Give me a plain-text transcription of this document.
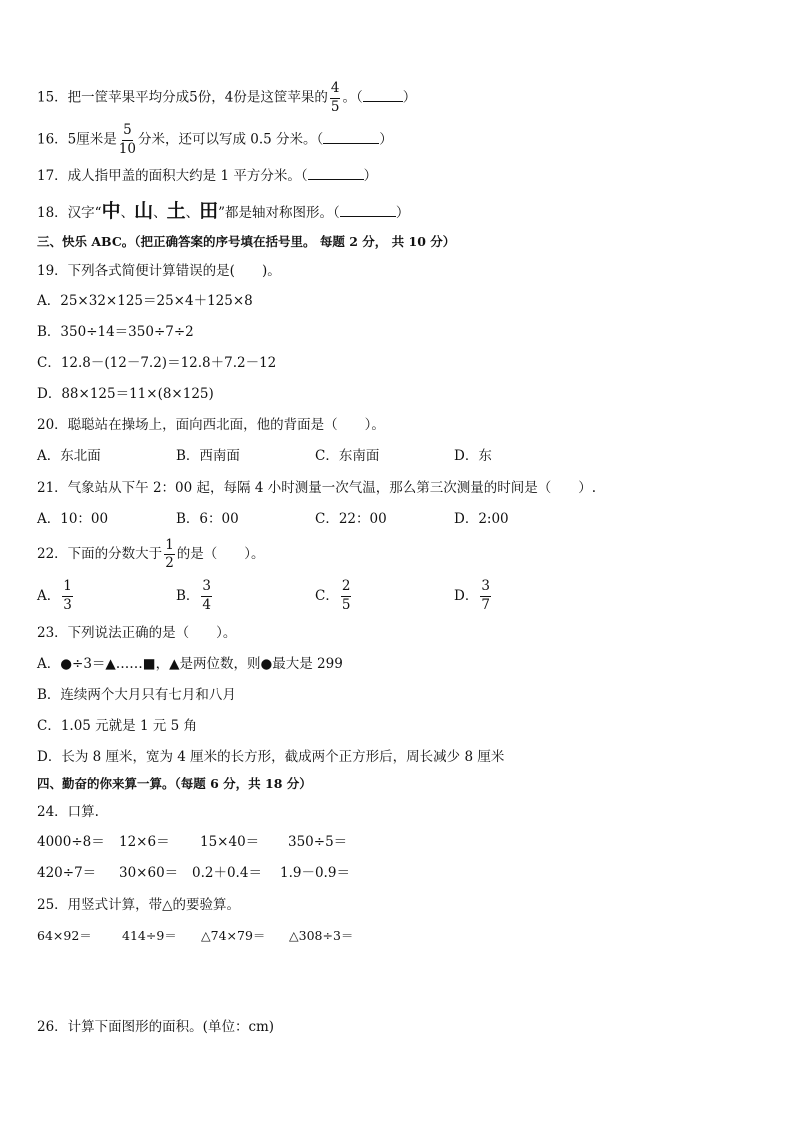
15．把一筐苹果平均分成5份，4份是这筐苹果的 $\frac{4}{5}$ 。（	）
16．5厘米是 $\frac{5}{10}$ 分米，还可以写成 0.5 分米。（	）
17．成人指甲盖的面积大约是 1 平方分米。（	）
18．汉字“中、山、土、田”都是轴对称图形。（	）
三、快乐 ABC。（把正确答案的序号填在括号里。 每题 2 分， 共 10 分）
19．下列各式简便计算错误的是(　　)。
A．25×32×125＝25×4＋125×8
B．350÷14＝350÷7÷2
C．12.8－(12－7.2)＝12.8＋7.2－12
D．88×125＝11×(8×125)
20．聪聪站在操场上，面向西北面，他的背面是（　　）。
A．东北面	B．西南面	C．东南面	D．东
21．气象站从下午 2：00 起，每隔 4 小时测量一次气温，那么第三次测量的时间是（　　）.
A．10：00	B．6：00	C．22：00	D．2:00
22．下面的分数大于 $\frac{1}{2}$ 的是（　　）。
A． $\frac{1}{3}$	B． $\frac{3}{4}$	C． $\frac{2}{5}$	D． $\frac{3}{7}$
23．下列说法正确的是（　　）。
A．●÷3＝▲……■，▲是两位数，则●最大是 299
B．连续两个大月只有七月和八月
C．1.05 元就是 1 元 5 角
D．长为 8 厘米，宽为 4 厘米的长方形，截成两个正方形后，周长减少 8 厘米
四、勤奋的你来算一算。（每题 6 分，共 18 分）
24．口算.
4000÷8＝ 12×6＝ 15×40＝ 350÷5＝
420÷7＝ 30×60＝ 0.2＋0.4＝ 1.9－0.9＝
25．用竖式计算，带△的要验算。
64×92＝ 414÷9＝ △74×79＝ △308÷3＝
26．计算下面图形的面积。(单位：cm)
